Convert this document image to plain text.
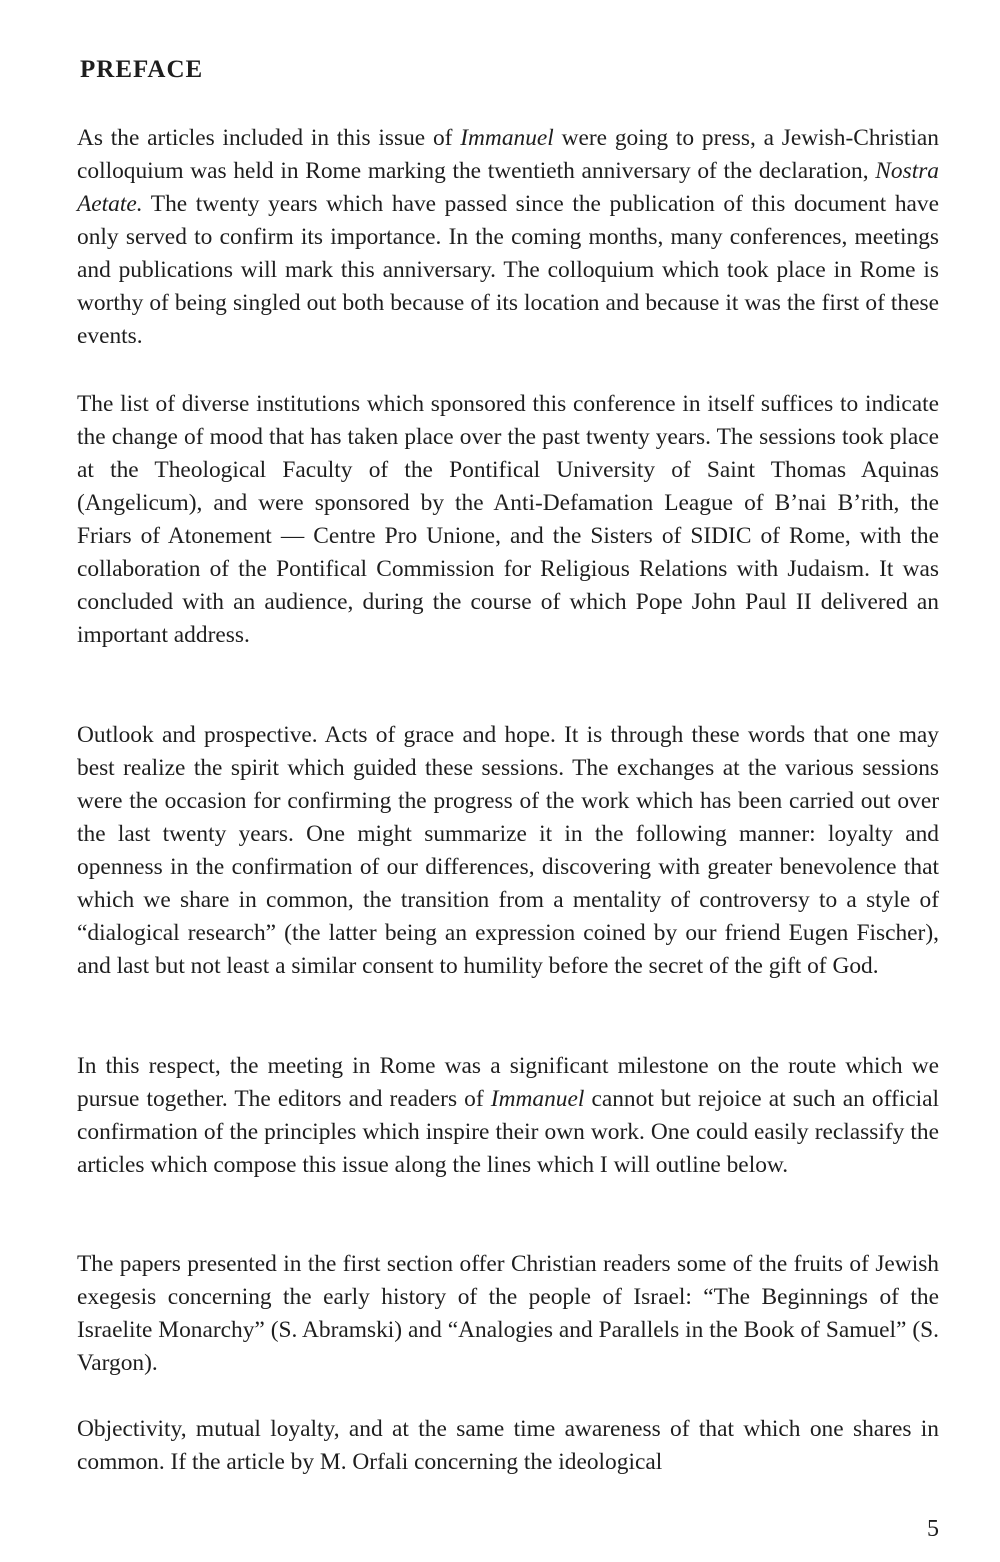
PREFACE

As the articles included in this issue of Immanuel were going to press, a Jewish-Christian colloquium was held in Rome marking the twentieth anniversary of the declaration, Nostra Aetate. The twenty years which have passed since the publication of this document have only served to confirm its importance. In the coming months, many conferences, meetings and publications will mark this anniversary. The colloquium which took place in Rome is worthy of being singled out both because of its location and because it was the first of these events.

The list of diverse institutions which sponsored this conference in itself suffices to indicate the change of mood that has taken place over the past twenty years. The sessions took place at the Theological Faculty of the Pontifical University of Saint Thomas Aquinas (Angelicum), and were sponsored by the Anti-Defamation League of B’nai B’rith, the Friars of Atonement — Centre Pro Unione, and the Sisters of SIDIC of Rome, with the collaboration of the Pontifical Commission for Religious Relations with Judaism. It was concluded with an audience, during the course of which Pope John Paul II delivered an important address.

Outlook and prospective. Acts of grace and hope. It is through these words that one may best realize the spirit which guided these sessions. The exchanges at the various sessions were the occasion for confirming the progress of the work which has been carried out over the last twenty years. One might summarize it in the following manner: loyalty and openness in the confirmation of our differences, discovering with greater benevolence that which we share in common, the transition from a mentality of controversy to a style of “dialogical research” (the latter being an expression coined by our friend Eugen Fischer), and last but not least a similar consent to humility before the secret of the gift of God.

In this respect, the meeting in Rome was a significant milestone on the route which we pursue together. The editors and readers of Immanuel cannot but rejoice at such an official confirmation of the principles which inspire their own work. One could easily reclassify the articles which compose this issue along the lines which I will outline below.

The papers presented in the first section offer Christian readers some of the fruits of Jewish exegesis concerning the early history of the people of Israel: “The Beginnings of the Israelite Monarchy” (S. Abramski) and “Analogies and Parallels in the Book of Samuel” (S. Vargon).

Objectivity, mutual loyalty, and at the same time awareness of that which one shares in common. If the article by M. Orfali concerning the ideological

5
